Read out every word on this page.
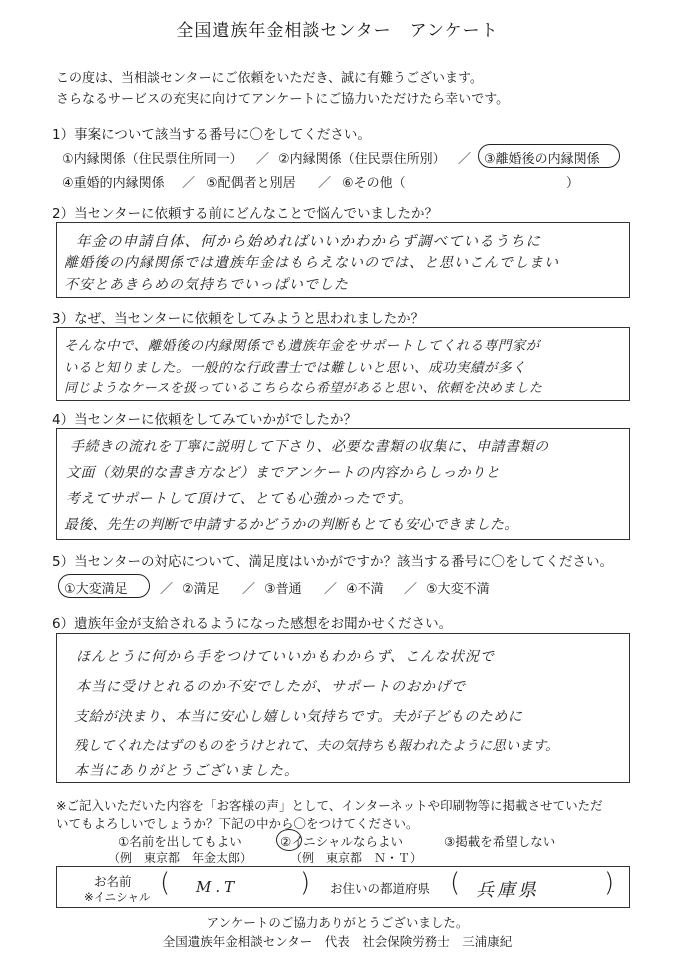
全国遺族年金相談センター　アンケート
この度は、当相談センターにご依頼をいただき、誠に有難うございます。
さらなるサービスの充実に向けてアンケートにご協力いただけたら幸いです。
1）事案について該当する番号に〇をしてください。
①内縁関係（住民票住所同一） ／ ②内縁関係（住民票住所別） ／ ③離婚後の内縁関係
④重婚的内縁関係 ／ ⑤配偶者と別居 ／ ⑥その他（	）
2）当センターに依頼する前にどんなことで悩んでいましたか？
年金の申請自体、何から始めればいいかわからず調べているうちに
離婚後の内縁関係では遺族年金はもらえないのでは、と思いこんでしまい
不安とあきらめの気持ちでいっぱいでした
3）なぜ、当センターに依頼をしてみようと思われましたか？
そんな中で、離婚後の内縁関係でも遺族年金をサポートしてくれる専門家が
いると知りました。一般的な行政書士では難しいと思い、成功実績が多く
同じようなケースを扱っているこちらなら希望があると思い、依頼を決めました
4）当センターに依頼をしてみていかがでしたか？
手続きの流れを丁寧に説明して下さり、必要な書類の収集に、申請書類の
文面（効果的な書き方など）までアンケートの内容からしっかりと
考えてサポートして頂けて、とても心強かったです。
最後、先生の判断で申請するかどうかの判断もとても安心できました。
5）当センターの対応について、満足度はいかがですか？該当する番号に〇をしてください。
①大変満足 ／ ②満足 ／ ③普通 ／ ④不満 ／ ⑤大変不満
6）遺族年金が支給されるようになった感想をお聞かせください。
ほんとうに何から手をつけていいかもわからず、こんな状況で
本当に受けとれるのか不安でしたが、サポートのおかげで
支給が決まり、本当に安心し嬉しい気持ちです。夫が子どものために
残してくれたはずのものをうけとれて、夫の気持ちも報われたように思います。
本当にありがとうございました。
※ご記入いただいた内容を「お客様の声」として、インターネットや印刷物等に掲載させていただ
いてもよろしいでしょうか？下記の中から〇をつけてください。
①名前を出してもよい
（例　東京都　年金太郎）
②イニシャルならよい
（例　東京都　Ｎ・Ｔ）
③掲載を希望しない
お名前
※イニシャル ( M.T ) お住いの都道府県 ( 兵庫県	)
アンケートのご協力ありがとうございました。
全国遺族年金相談センター　代表　社会保険労務士　三浦康紀
